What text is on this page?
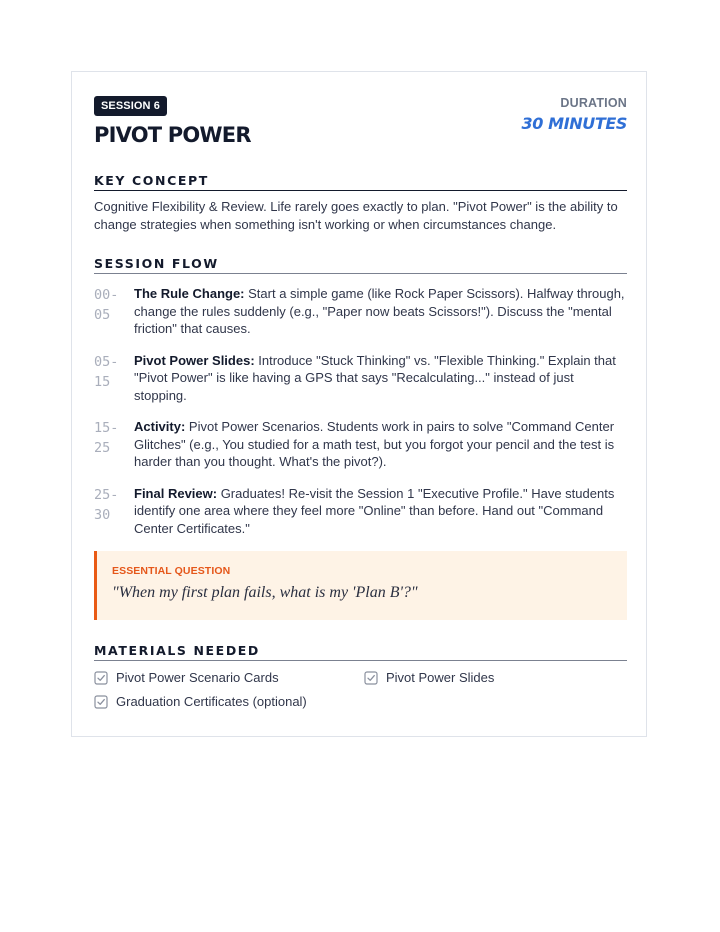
SESSION 6
PIVOT POWER
DURATION
30 MINUTES
KEY CONCEPT
Cognitive Flexibility & Review. Life rarely goes exactly to plan. "Pivot Power" is the ability to change strategies when something isn't working or when circumstances change.
SESSION FLOW
00-
05
The Rule Change: Start a simple game (like Rock Paper Scissors). Halfway through, change the rules suddenly (e.g., "Paper now beats Scissors!"). Discuss the "mental friction" that causes.
05-
15
Pivot Power Slides: Introduce "Stuck Thinking" vs. "Flexible Thinking." Explain that "Pivot Power" is like having a GPS that says "Recalculating..." instead of just stopping.
15-
25
Activity: Pivot Power Scenarios. Students work in pairs to solve "Command Center Glitches" (e.g., You studied for a math test, but you forgot your pencil and the test is harder than you thought. What's the pivot?).
25-
30
Final Review: Graduates! Re-visit the Session 1 "Executive Profile." Have students identify one area where they feel more "Online" than before. Hand out "Command Center Certificates."
ESSENTIAL QUESTION
"When my first plan fails, what is my 'Plan B'?"
MATERIALS NEEDED
Pivot Power Scenario Cards	Pivot Power Slides
Graduation Certificates (optional)
